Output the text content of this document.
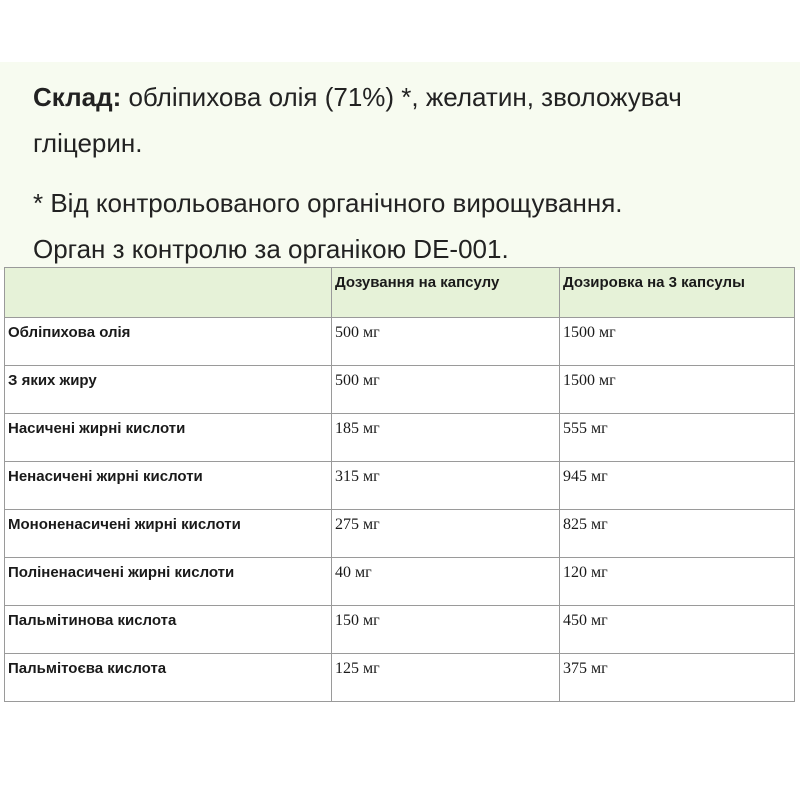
Склад: обліпихова олія (71%) *, желатин, зволожувач гліцерин.
* Від контрольованого органічного вирощування.
Орган з контролю за органікою DE-001.
	Дозування на капсулу	Дозировка на 3 капсулы
Обліпихова олія	500 мг	1500 мг
З яких жиру	500 мг	1500 мг
Насичені жирні кислоти	185 мг	555 мг
Ненасичені жирні кислоти	315 мг	945 мг
Мононенасичені жирні кислоти	275 мг	825 мг
Поліненасичені жирні кислоти	40 мг	120 мг
Пальмітинова кислота	150 мг	450 мг
Пальмітоєва кислота	125 мг	375 мг
